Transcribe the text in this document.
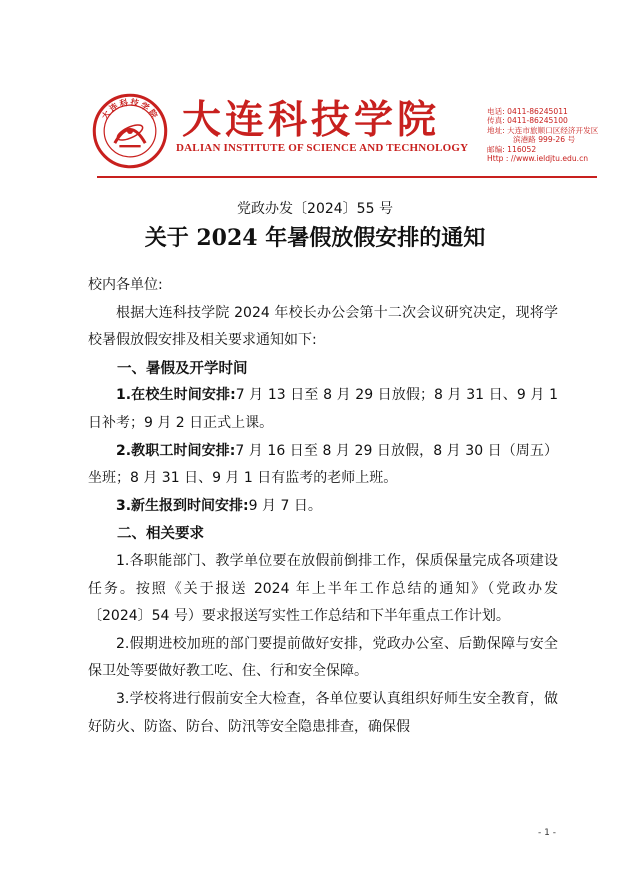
大连科技学院 大连科技学院
DALIAN INSTITUTE OF SCIENCE AND TECHNOLOGY
电话: 0411-86245011
传真: 0411-86245100
地址: 大连市旅顺口区经济开发区
滨港路 999-26 号
邮编: 116052
Http : //www.ieldjtu.edu.cn
党政办发〔2024〕55 号
关于 2024 年暑假放假安排的通知

校内各单位:

根据大连科技学院 2024 年校长办公会第十二次会议研究决定，现将学校暑假放假安排及相关要求通知如下:

一、暑假及开学时间

1.在校生时间安排:7 月 13 日至 8 月 29 日放假；8 月 31 日、9 月 1 日补考；9 月 2 日正式上课。

2.教职工时间安排:7 月 16 日至 8 月 29 日放假，8 月 30 日（周五）坐班；8 月 31 日、9 月 1 日有监考的老师上班。

3.新生报到时间安排:9 月 7 日。

二、相关要求

1.各职能部门、教学单位要在放假前倒排工作，保质保量完成各项建设任务。按照《关于报送 2024 年上半年工作总结的通知》（党政办发〔2024〕54 号）要求报送写实性工作总结和下半年重点工作计划。

2.假期进校加班的部门要提前做好安排，党政办公室、后勤保障与安全保卫处等要做好教工吃、住、行和安全保障。

3.学校将进行假前安全大检查，各单位要认真组织好师生安全教育，做好防火、防盗、防台、防汛等安全隐患排查，确保假

- 1 -
